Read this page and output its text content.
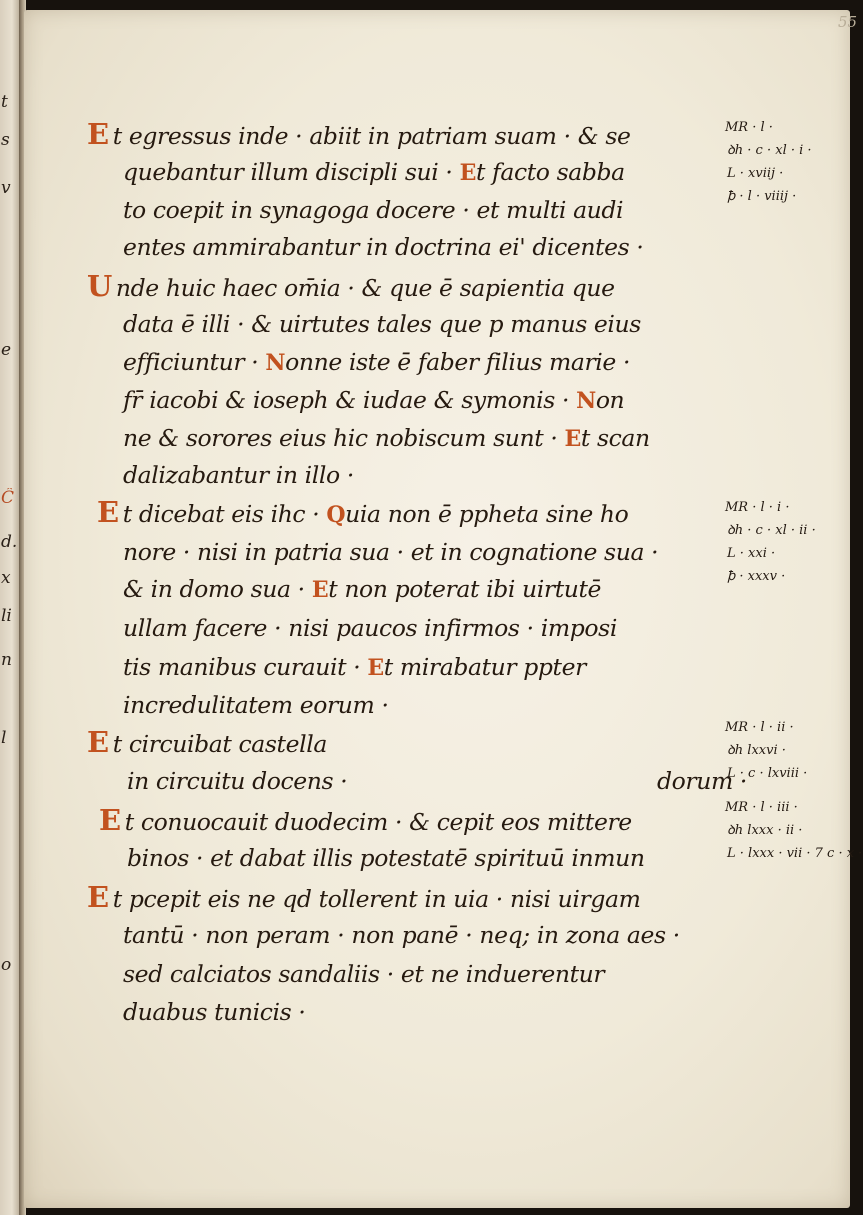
t
s
v
e
Ĉ
d.
x
li
n
l
o
55
E t egressus inde · abiit in patriam suam · & se
quebantur illum discipli sui · Et facto sabba
to coepit in synagoga docere · et multi audi
entes ammirabantur in doctrina ei' dicentes ·
U nde huic haec om̄ia · & que ē sapientia que
data ē illi · & uirtutes tales que p manus eius
efficiuntur · Nonne iste ē faber filius marie ·
fr̄ iacobi & ioseph & iudae & symonis · Non
ne & sorores eius hic nobiscum sunt · Et scan
dalizabantur in illo ·
E t dicebat eis ihc · Quia non ē ppheta sine ho
nore · nisi in patria sua · et in cognatione sua ·
& in domo sua · Et non poterat ibi uirtutē
ullam facere · nisi paucos infirmos · imposi
tis manibus curauit · Et mirabatur ppter
incredulitatem eorum ·
E t circuibat castella
in circuitu docens ·	dorum ·
E t conuocauit duodecim · & cepit eos mittere
binos · et dabat illis potestatē spirituū inmun
E t pcepit eis ne qd tollerent in uia · nisi uirgam
tantū · non peram · non panē · neq; in zona aes ·
sed calciatos sandaliis · et ne induerentur
duabus tunicis ·
MR · l ·
ꝺh · c · xl · i ·
L · xviij ·
ꝥ · l · viiij ·
MR · l · i ·
ꝺh · c · xl · ii ·
L · xxi ·
ꝥ · xxxv ·
MR · l · ii ·
ꝺh lxxvi ·
L · c · lxviii ·
MR · l · iii ·
ꝺh lxxx · ii ·
L · lxxx · vii · 7 c · x ·
